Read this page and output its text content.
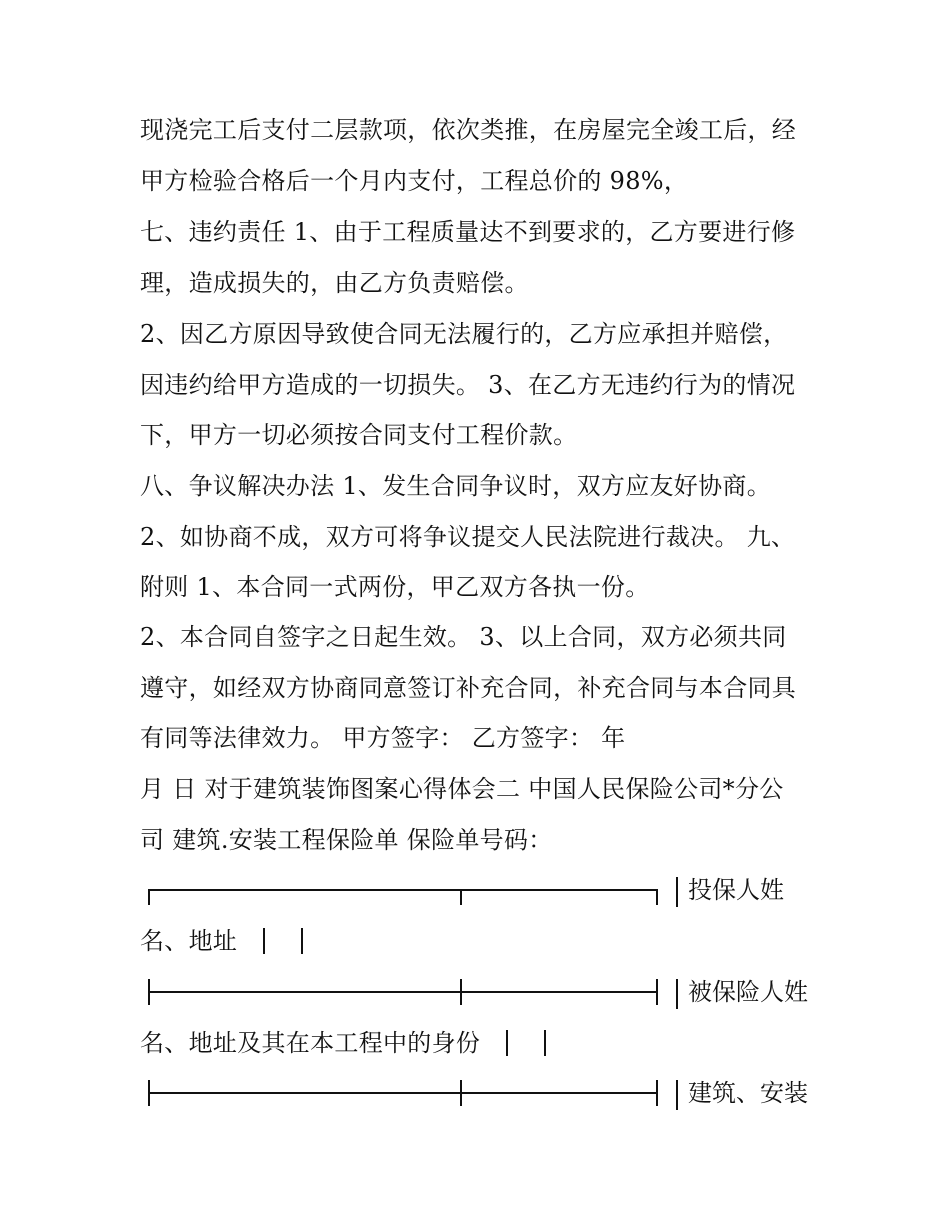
现浇完工后支付二层款项，依次类推，在房屋完全竣工后，经
甲方检验合格后一个月内支付，工程总价的 98%，
七、违约责任 1、由于工程质量达不到要求的，乙方要进行修
理，造成损失的，由乙方负责赔偿。
2、因乙方原因导致使合同无法履行的，乙方应承担并赔偿，
因违约给甲方造成的一切损失。 3、在乙方无违约行为的情况
下，甲方一切必须按合同支付工程价款。
八、争议解决办法 1、发生合同争议时，双方应友好协商。
2、如协商不成，双方可将争议提交人民法院进行裁决。 九、
附则 1、本合同一式两份，甲乙双方各执一份。
2、本合同自签字之日起生效。 3、以上合同，双方必须共同
遵守，如经双方协商同意签订补充合同，补充合同与本合同具
有同等法律效力。 甲方签字： 乙方签字： 年
月 日 对于建筑装饰图案心得体会二 中国人民保险公司*分公
司 建筑.安装工程保险单 保险单号码：
投保人姓
名、地址
被保险人姓
名、地址及其在本工程中的身份
建筑、安装
